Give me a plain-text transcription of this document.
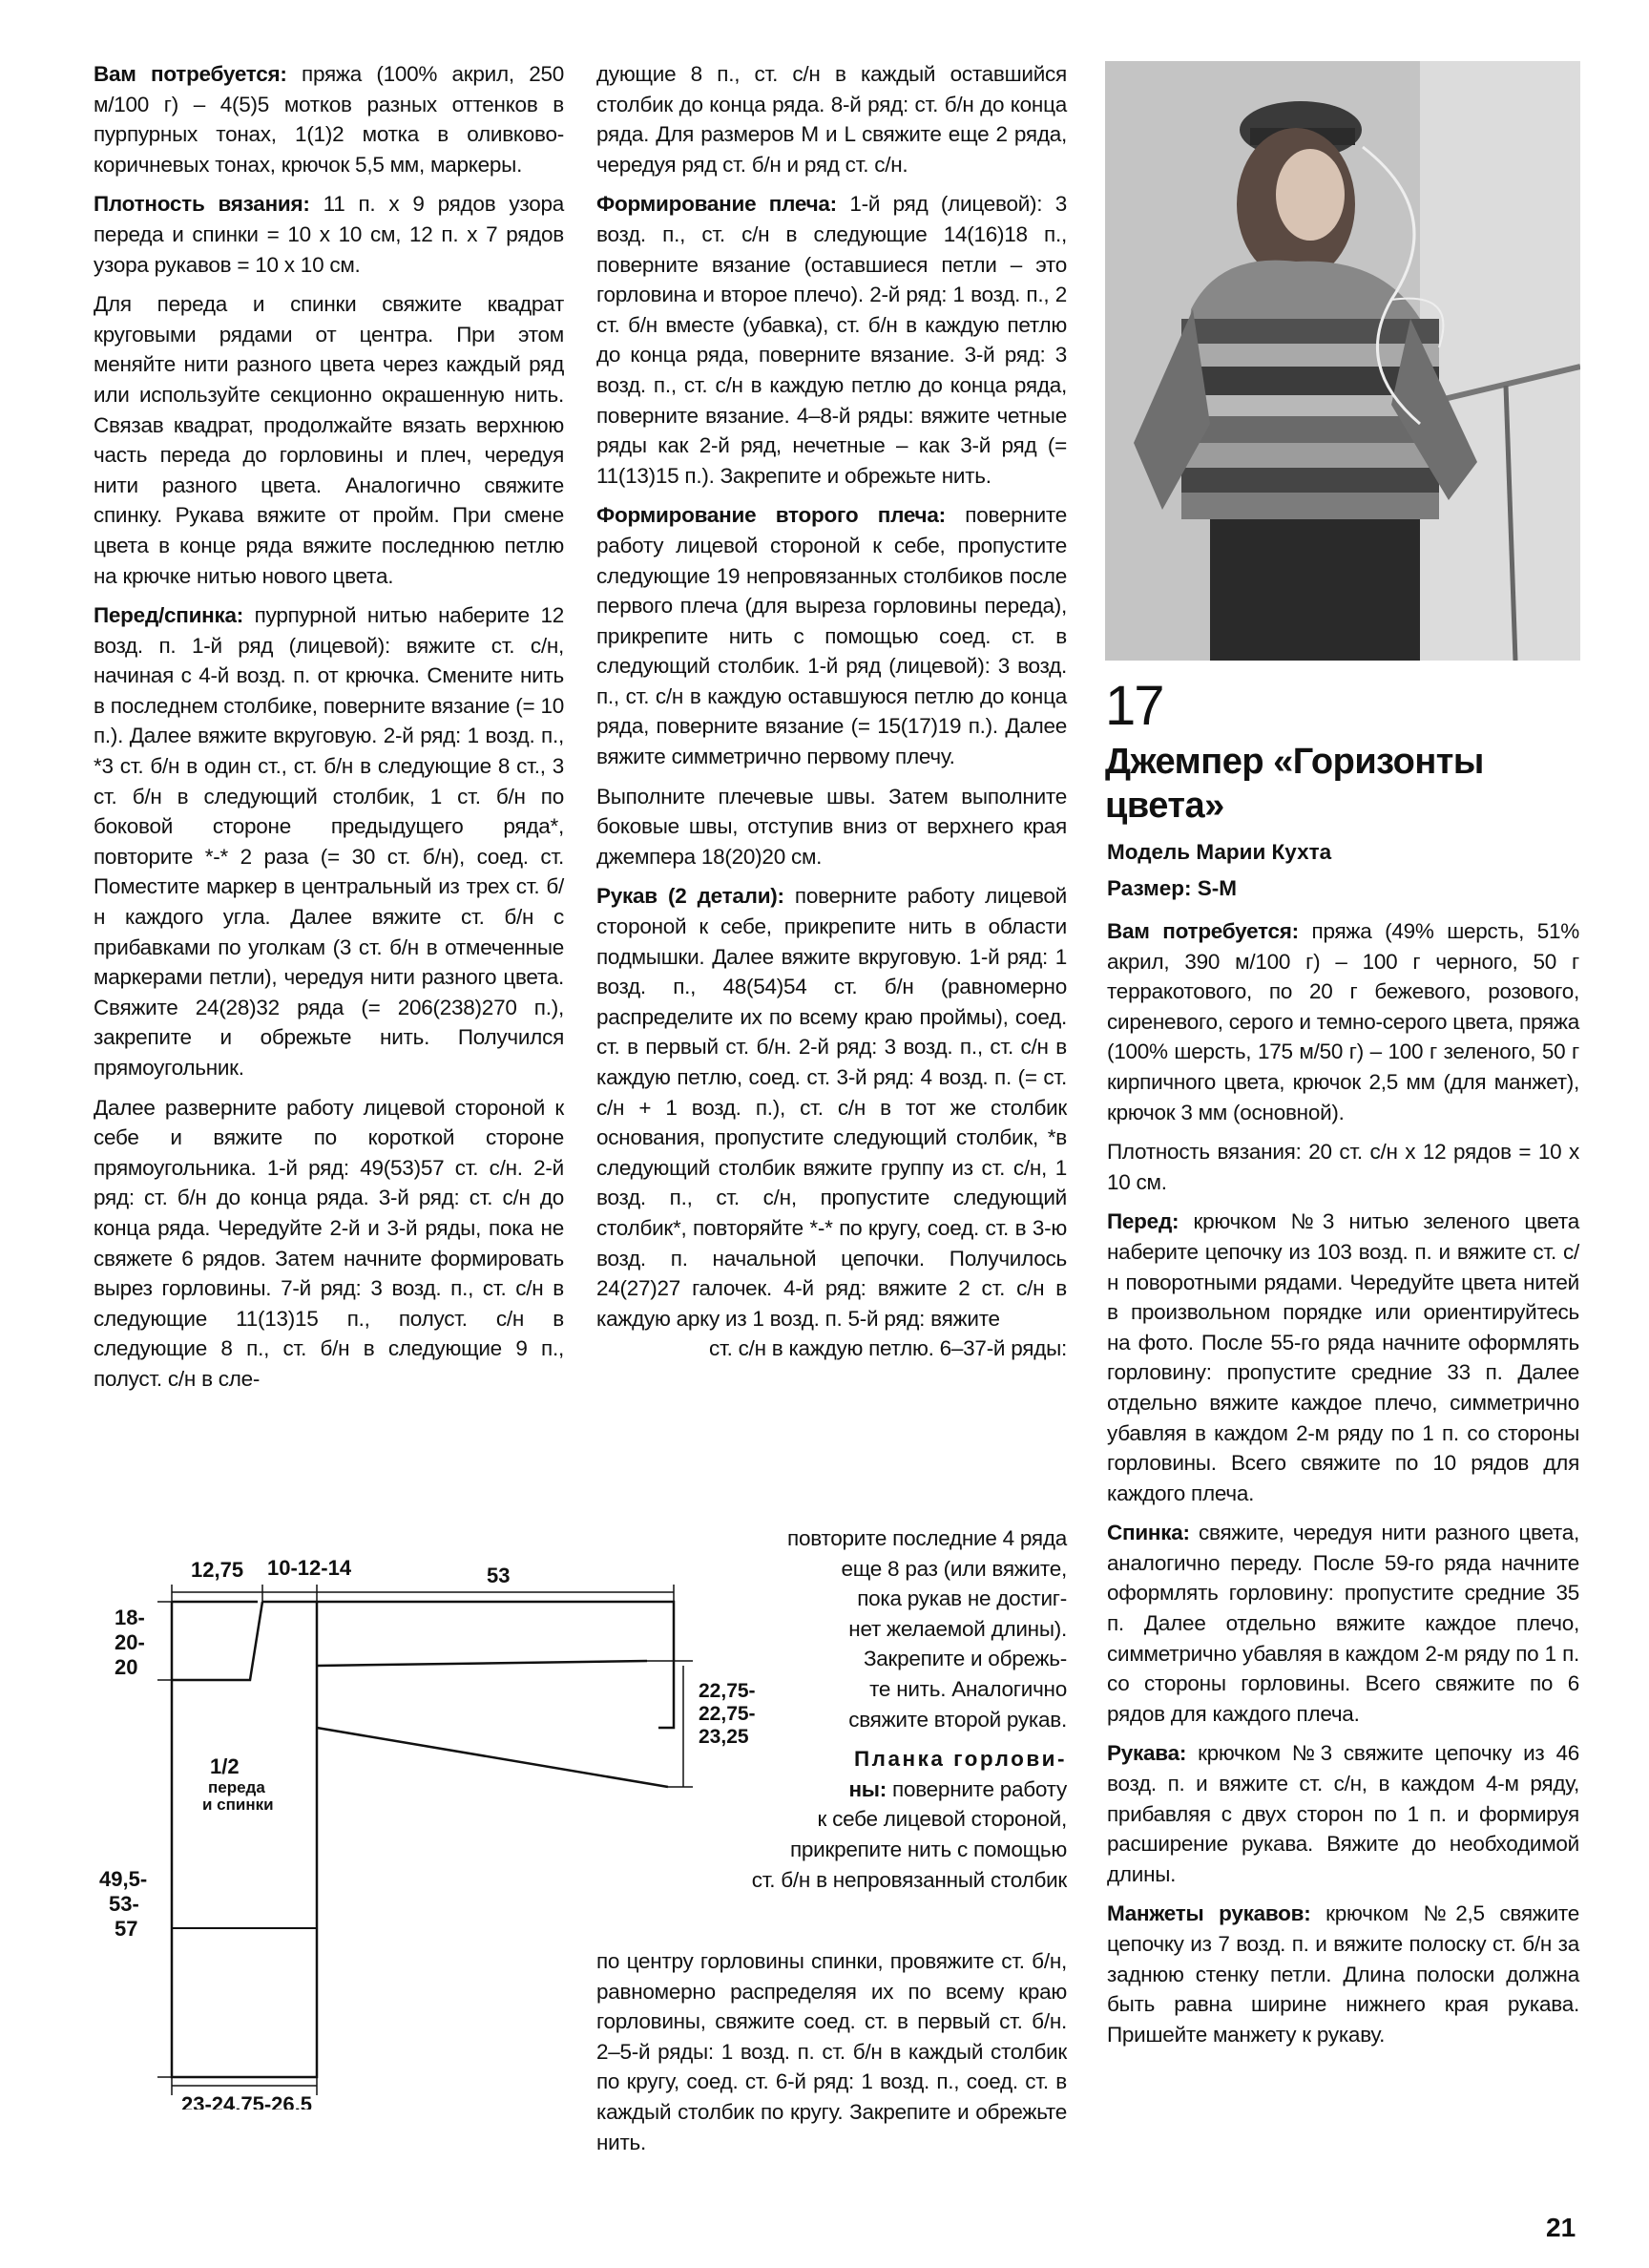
Вам потребуется: пряжа (100% акрил, 250 м/100 г) – 4(5)5 мотков разных оттенков в пурпурных тонах, 1(1)2 мотка в оливково-коричневых тонах, крючок 5,5 мм, маркеры.
Плотность вязания: 11 п. х 9 рядов узора переда и спинки = 10 х 10 см, 12 п. х 7 рядов узора рукавов = 10 х 10 см.
Для переда и спинки свяжите квадрат круговыми рядами от центра. При этом меняйте нити разного цвета через каждый ряд или используйте секционно окрашенную нить. Связав квадрат, продолжайте вязать верхнюю часть переда до горловины и плеч, чередуя нити разного цвета. Аналогично свяжите спинку. Рукава вяжите от пройм. При смене цвета в конце ряда вяжите последнюю петлю на крючке нитью нового цвета.
Перед/спинка: пурпурной нитью наберите 12 возд. п. 1-й ряд (лицевой): вяжите ст. с/н, начиная с 4-й возд. п. от крючка. Смените нить в последнем столбике, поверните вязание (= 10 п.). Далее вяжите вкруговую. 2-й ряд: 1 возд. п., *3 ст. б/н в один ст., ст. б/н в следующие 8 ст., 3 ст. б/н в следующий столбик, 1 ст. б/н по боковой стороне предыдущего ряда*, повторите *-* 2 раза (= 30 ст. б/н), соед. ст. Поместите маркер в центральный из трех ст. б/н каждого угла. Далее вяжите ст. б/н с прибавками по уголкам (3 ст. б/н в отмеченные маркерами петли), чередуя нити разного цвета. Свяжите 24(28)32 ряда (= 206(238)270 п.), закрепите и обрежьте нить. Получился прямоугольник.
Далее разверните работу лицевой стороной к себе и вяжите по короткой стороне прямоугольника. 1-й ряд: 49(53)57 ст. с/н. 2-й ряд: ст. б/н до конца ряда. 3-й ряд: ст. с/н до конца ряда. Чередуйте 2-й и 3-й ряды, пока не свяжете 6 рядов. Затем начните формировать вырез горловины. 7-й ряд: 3 возд. п., ст. с/н в следующие 11(13)15 п., полуст. с/н в следующие 8 п., ст. б/н в следующие 9 п., полуст. с/н в сле-
дующие 8 п., ст. с/н в каждый оставшийся столбик до конца ряда. 8-й ряд: ст. б/н до конца ряда. Для размеров M и L свяжите еще 2 ряда, чередуя ряд ст. б/н и ряд ст. с/н.
Формирование плеча: 1-й ряд (лицевой): 3 возд. п., ст. с/н в следующие 14(16)18 п., поверните вязание (оставшиеся петли – это горловина и второе плечо). 2-й ряд: 1 возд. п., 2 ст. б/н вместе (убавка), ст. б/н в каждую петлю до конца ряда, поверните вязание. 3-й ряд: 3 возд. п., ст. с/н в каждую петлю до конца ряда, поверните вязание. 4–8-й ряды: вяжите четные ряды как 2-й ряд, нечетные – как 3-й ряд (= 11(13)15 п.). Закрепите и обрежьте нить.
Формирование второго плеча: поверните работу лицевой стороной к себе, пропустите следующие 19 непровязанных столбиков после первого плеча (для выреза горловины переда), прикрепите нить с помощью соед. ст. в следующий столбик. 1-й ряд (лицевой): 3 возд. п., ст. с/н в каждую оставшуюся петлю до конца ряда, поверните вязание (= 15(17)19 п.). Далее вяжите симметрично первому плечу.
Выполните плечевые швы. Затем выполните боковые швы, отступив вниз от верхнего края джемпера 18(20)20 см.
Рукав (2 детали): поверните работу лицевой стороной к себе, прикрепите нить в области подмышки. Далее вяжите вкруговую. 1-й ряд: 1 возд. п., 48(54)54 ст. б/н (равномерно распределите их по всему краю проймы), соед. ст. в первый ст. б/н. 2-й ряд: 3 возд. п., ст. с/н в каждую петлю, соед. ст. 3-й ряд: 4 возд. п. (= ст. с/н + 1 возд. п.), ст. с/н в тот же столбик основания, пропустите следующий столбик, *в следующий столбик вяжите группу из ст. с/н, 1 возд. п., ст. с/н, пропустите следующий столбик*, повторяйте *-* по кругу, соед. ст. в 3-ю возд. п. начальной цепочки. Получилось 24(27)27 галочек. 4-й ряд: вяжите 2 ст. с/н в каждую арку из 1 возд. п. 5-й ряд: вяжите
ст. с/н в каждую петлю. 6–37-й ряды:
повторите последние 4 ряда
еще 8 раз (или вяжите,
пока рукав не достиг-
нет желаемой длины).
Закрепите и обрежь-
те нить. Аналогично
свяжите второй рукав.
Планка горлови-
ны: поверните работу
к себе лицевой стороной,
прикрепите нить с помощью
ст. б/н в непровязанный столбик
по центру горловины спинки, провяжите ст. б/н, равномерно распределяя их по всему краю горловины, свяжите соед. ст. в первый ст. б/н. 2–5-й ряды: 1 возд. п. ст. б/н в каждый столбик по кругу, соед. ст. 6-й ряд: 1 возд. п., соед. ст. в каждый столбик по кругу. Закрепите и обрежьте нить.
12,75 10-12-14	53
18-
20-
20
49,5-
53-
57
1/2
переда
и спинки
22,75-
22,75-
23,25
23-24,75-26,5
17
Джемпер «Горизонты
цвета»
Модель Марии Кухта
Размер: S-M
Вам потребуется: пряжа (49% шерсть, 51% акрил, 390 м/100 г) – 100 г черного, 50 г терракотового, по 20 г бежевого, розового, сиреневого, серого и темно-серого цвета, пряжа (100% шерсть, 175 м/50 г) – 100 г зеленого, 50 г кирпичного цвета, крючок 2,5 мм (для манжет), крючок 3 мм (основной).
Плотность вязания: 20 ст. с/н х 12 рядов = 10 х 10 см.
Перед: крючком №3 нитью зеленого цвета наберите цепочку из 103 возд. п. и вяжите ст. с/н поворотными рядами. Чередуйте цвета нитей в произвольном порядке или ориентируйтесь на фото. После 55-го ряда начните оформлять горловину: пропустите средние 33 п. Далее отдельно вяжите каждое плечо, симметрично убавляя в каждом 2-м ряду по 1 п. со стороны горловины. Всего свяжите по 10 рядов для каждого плеча.
Спинка: свяжите, чередуя нити разного цвета, аналогично переду. После 59-го ряда начните оформлять горловину: пропустите средние 35 п. Далее отдельно вяжите каждое плечо, симметрично убавляя в каждом 2-м ряду по 1 п. со стороны горловины. Всего свяжите по 6 рядов для каждого плеча.
Рукава: крючком №3 свяжите цепочку из 46 возд. п. и вяжите ст. с/н, в каждом 4-м ряду, прибавляя с двух сторон по 1 п. и формируя расширение рукава. Вяжите до необходимой длины.
Манжеты рукавов: крючком №2,5 свяжите цепочку из 7 возд. п. и вяжите полоску ст. б/н за заднюю стенку петли. Длина полоски должна быть равна ширине нижнего края рукава. Пришейте манжету к рукаву.
21
